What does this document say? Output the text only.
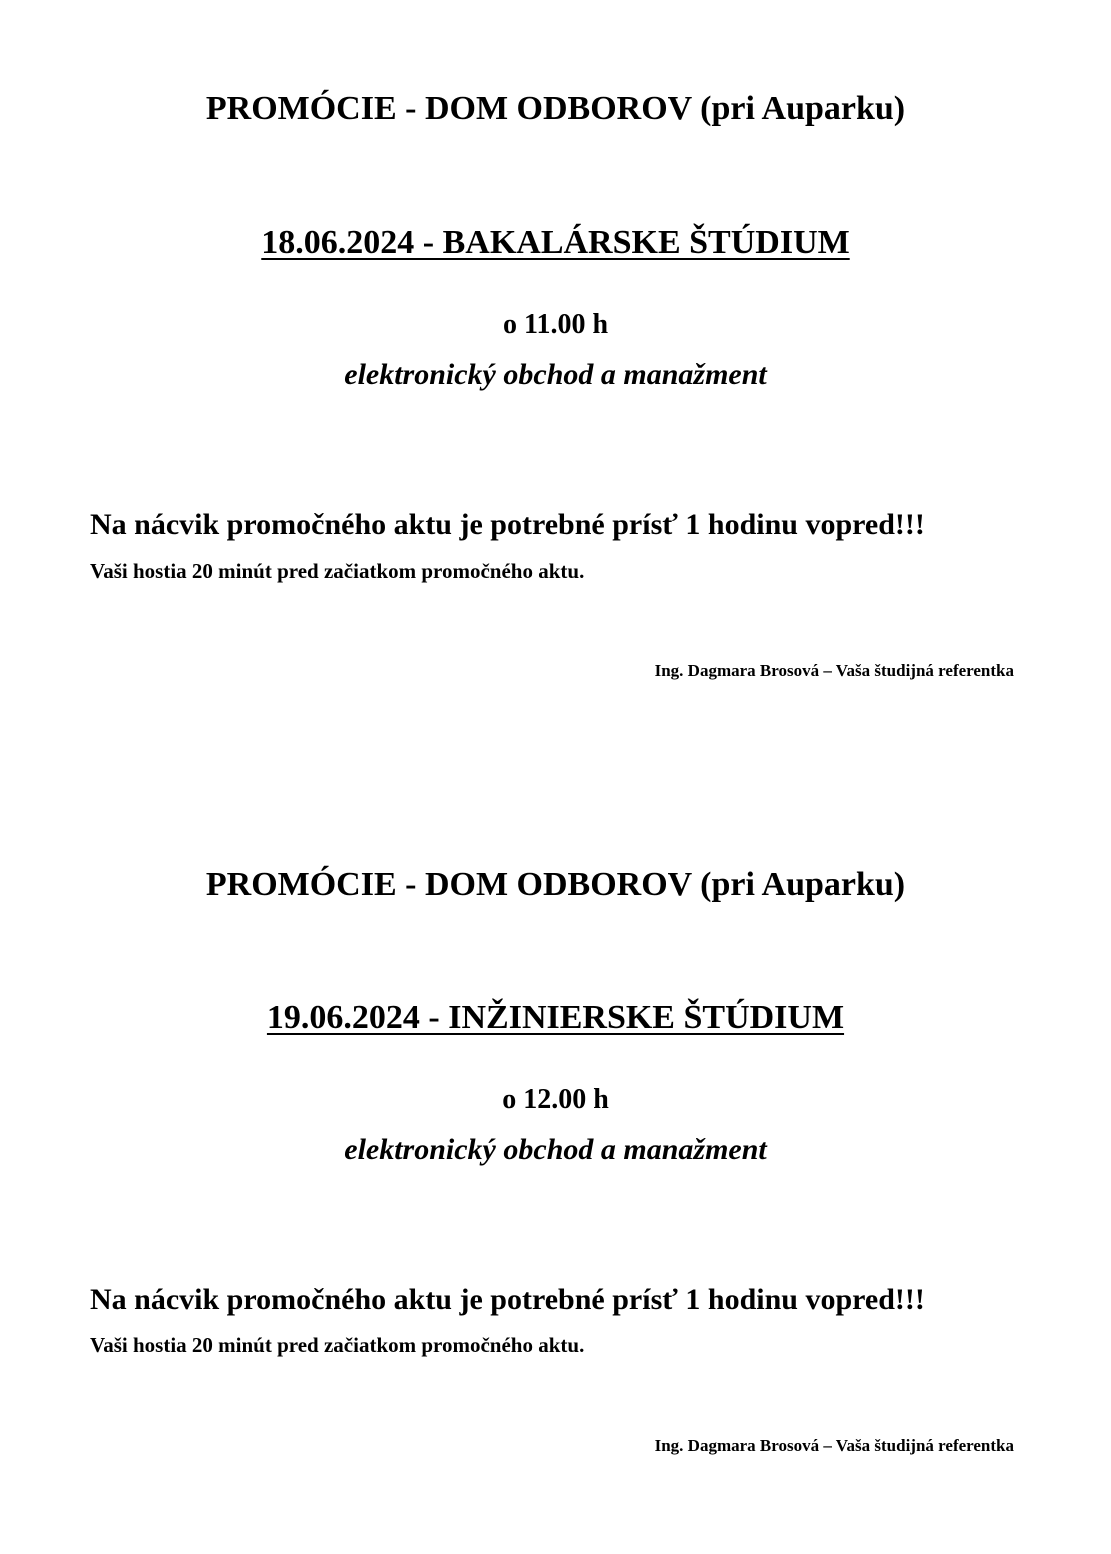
PROMÓCIE - DOM ODBOROV (pri Auparku)
18.06.2024 - BAKALÁRSKE ŠTÚDIUM
o 11.00 h
elektronický obchod a manažment
Na nácvik promočného aktu je potrebné prísť 1 hodinu vopred!!!
Vaši hostia 20 minút pred začiatkom promočného aktu.
Ing. Dagmara Brosová – Vaša študijná referentka
PROMÓCIE - DOM ODBOROV (pri Auparku)
19.06.2024 - INŽINIERSKE ŠTÚDIUM
o 12.00 h
elektronický obchod a manažment
Na nácvik promočného aktu je potrebné prísť 1 hodinu vopred!!!
Vaši hostia 20 minút pred začiatkom promočného aktu.
Ing. Dagmara Brosová – Vaša študijná referentka
